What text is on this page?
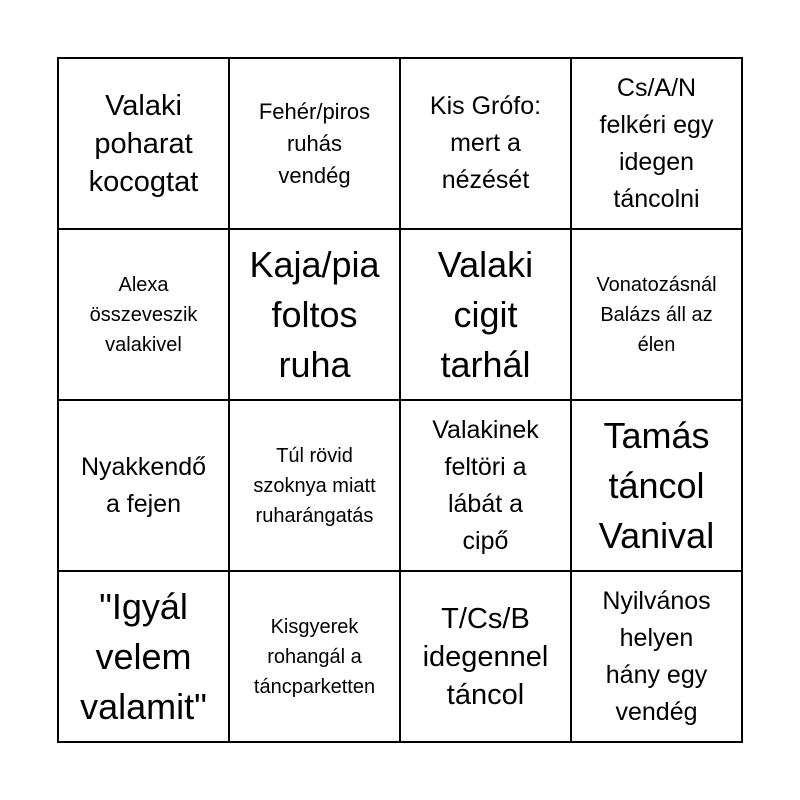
Valaki
poharat
kocogtat
Fehér/piros
ruhás
vendég
Kis Grófo:
mert a
nézését
Cs/A/N
felkéri egy
idegen
táncolni
Alexa
összeveszik
valakivel
Kaja/pia
foltos
ruha
Valaki
cigit
tarhál
Vonatozásnál
Balázs áll az
élen
Nyakkendő
a fejen
Túl rövid
szoknya miatt
ruharángatás
Valakinek
feltöri a
lábát a
cipő
Tamás
táncol
Vanival
"Igyál
velem
valamit"
Kisgyerek
rohangál a
táncparketten
T/Cs/B
idegennel
táncol
Nyilvános
helyen
hány egy
vendég
